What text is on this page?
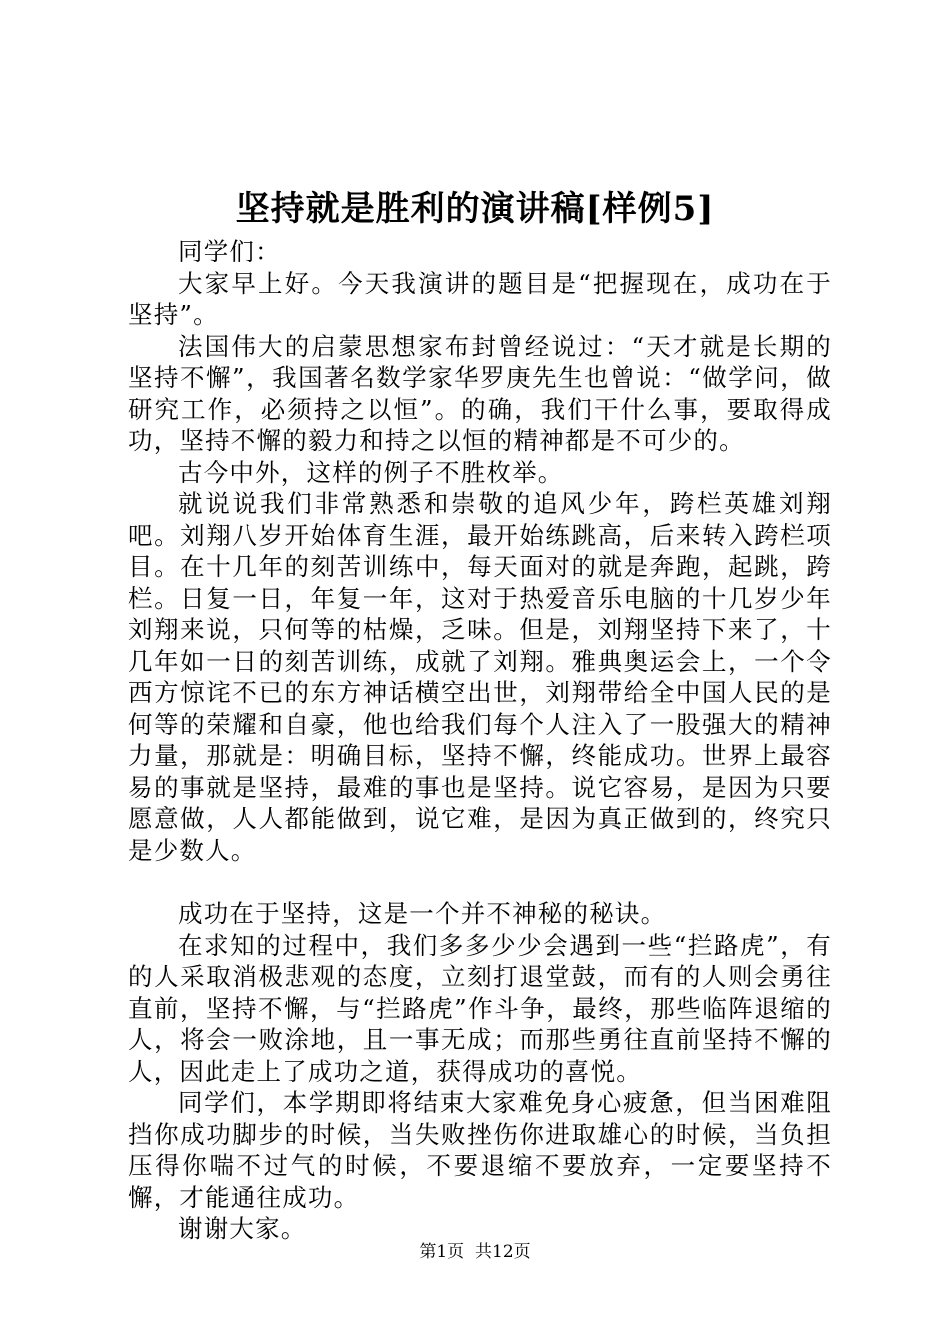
坚持就是胜利的演讲稿[样例5]

同学们：

大家早上好。今天我演讲的题目是“把握现在，成功在于坚持”。

法国伟大的启蒙思想家布封曾经说过：“天才就是长期的坚持不懈”，我国著名数学家华罗庚先生也曾说：“做学问，做研究工作，必须持之以恒”。的确，我们干什么事，要取得成功，坚持不懈的毅力和持之以恒的精神都是不可少的。

古今中外，这样的例子不胜枚举。

就说说我们非常熟悉和崇敬的追风少年，跨栏英雄刘翔吧。刘翔八岁开始体育生涯，最开始练跳高，后来转入跨栏项目。在十几年的刻苦训练中，每天面对的就是奔跑，起跳，跨栏。日复一日，年复一年，这对于热爱音乐电脑的十几岁少年刘翔来说，只何等的枯燥，乏味。但是，刘翔坚持下来了，十几年如一日的刻苦训练，成就了刘翔。雅典奥运会上，一个令西方惊诧不已的东方神话横空出世，刘翔带给全中国人民的是何等的荣耀和自豪，他也给我们每个人注入了一股强大的精神力量，那就是：明确目标，坚持不懈，终能成功。世界上最容易的事就是坚持，最难的事也是坚持。说它容易，是因为只要愿意做，人人都能做到，说它难，是因为真正做到的，终究只是少数人。

成功在于坚持，这是一个并不神秘的秘诀。

在求知的过程中，我们多多少少会遇到一些“拦路虎”，有的人采取消极悲观的态度，立刻打退堂鼓，而有的人则会勇往直前，坚持不懈，与“拦路虎”作斗争，最终，那些临阵退缩的人，将会一败涂地，且一事无成；而那些勇往直前坚持不懈的人，因此走上了成功之道，获得成功的喜悦。

同学们，本学期即将结束大家难免身心疲惫，但当困难阻挡你成功脚步的时候，当失败挫伤你进取雄心的时候，当负担压得你喘不过气的时候，不要退缩不要放弃，一定要坚持不懈，才能通往成功。

谢谢大家。

第1页 共12页
